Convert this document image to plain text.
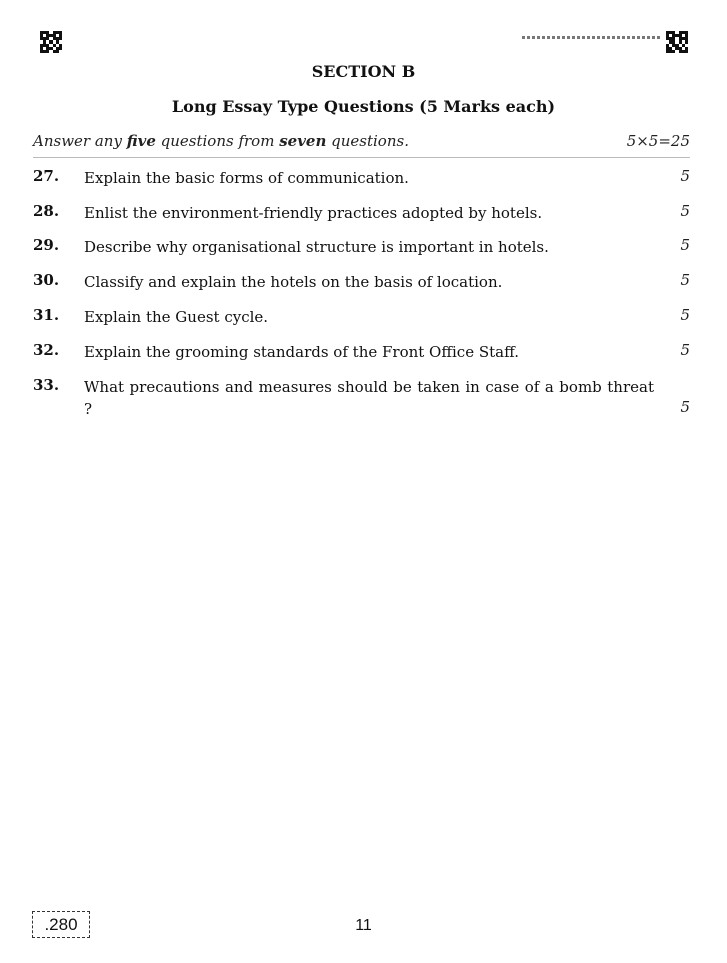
SECTION B
Long Essay Type Questions (5 Marks each)
Answer any five questions from seven questions.	5×5=25
27. Explain the basic forms of communication.	5
28. Enlist the environment-friendly practices adopted by hotels.	5
29. Describe why organisational structure is important in hotels.	5
30. Classify and explain the hotels on the basis of location.	5
31. Explain the Guest cycle.	5
32. Explain the grooming standards of the Front Office Staff.	5
33. What precautions and measures should be taken in case of a bomb threat ?	5
.280	11
